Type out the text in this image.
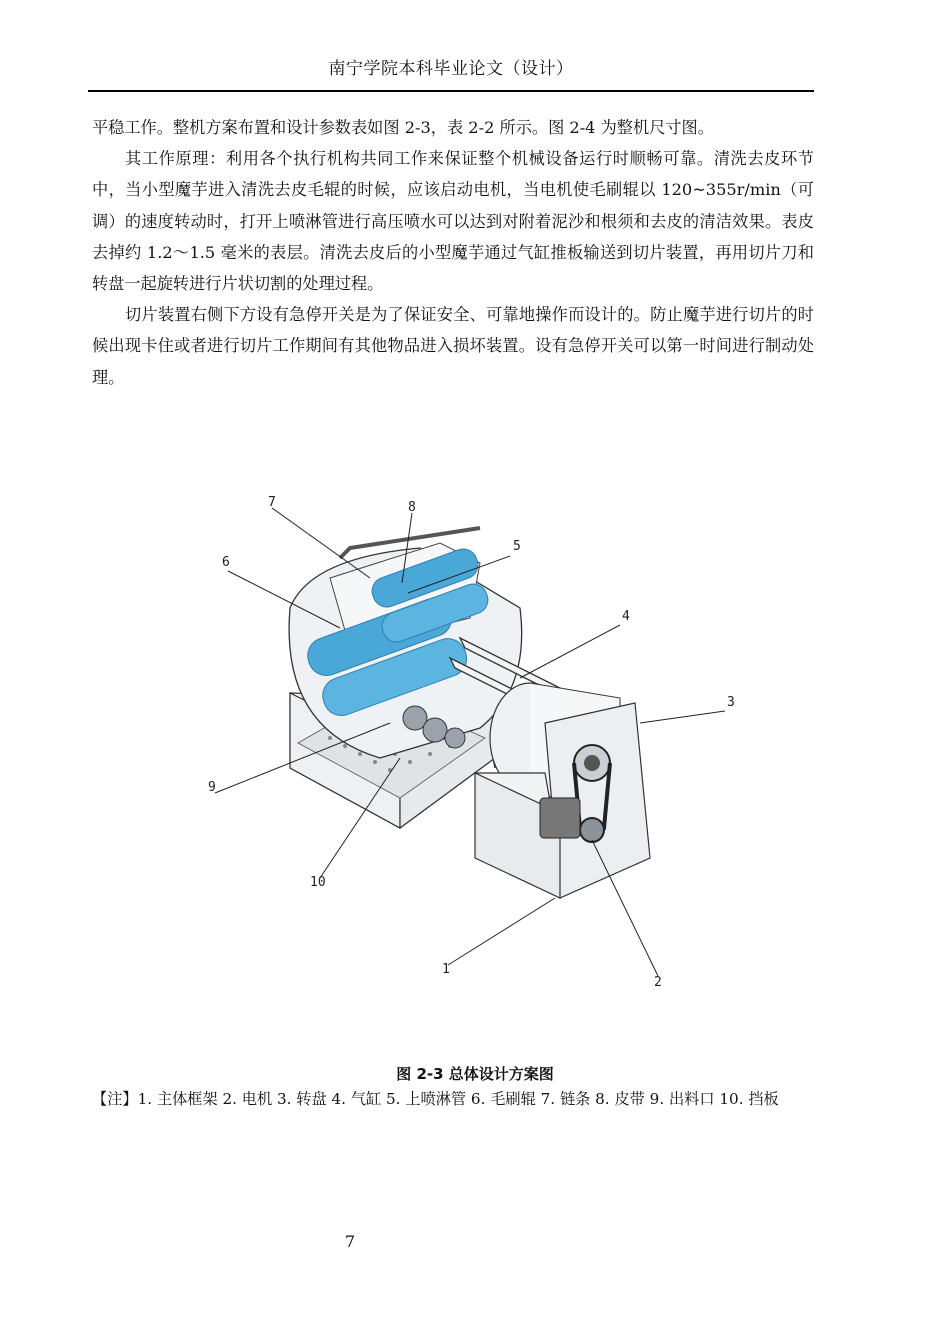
南宁学院本科毕业论文（设计）

平稳工作。整机方案布置和设计参数表如图 2-3，表 2-2 所示。图 2-4 为整机尺寸图。

其工作原理：利用各个执行机构共同工作来保证整个机械设备运行时顺畅可靠。清洗去皮环节中，当小型魔芋进入清洗去皮毛辊的时候，应该启动电机，当电机使毛刷辊以 120~355r/min（可调）的速度转动时，打开上喷淋管进行高压喷水可以达到对附着泥沙和根须和去皮的清洁效果。表皮去掉约 1.2～1.5 毫米的表层。清洗去皮后的小型魔芋通过气缸推板输送到切片装置，再用切片刀和转盘一起旋转进行片状切割的处理过程。

切片装置右侧下方设有急停开关是为了保证安全、可靠地操作而设计的。防止魔芋进行切片的时候出现卡住或者进行切片工作期间有其他物品进入损坏装置。设有急停开关可以第一时间进行制动处理。

7	8
5
6
4
3
9
10
1
2
图 2-3 总体设计方案图
【注】1. 主体框架 2. 电机 3. 转盘 4. 气缸 5. 上喷淋管 6. 毛刷辊 7. 链条 8. 皮带 9. 出料口 10. 挡板
7
